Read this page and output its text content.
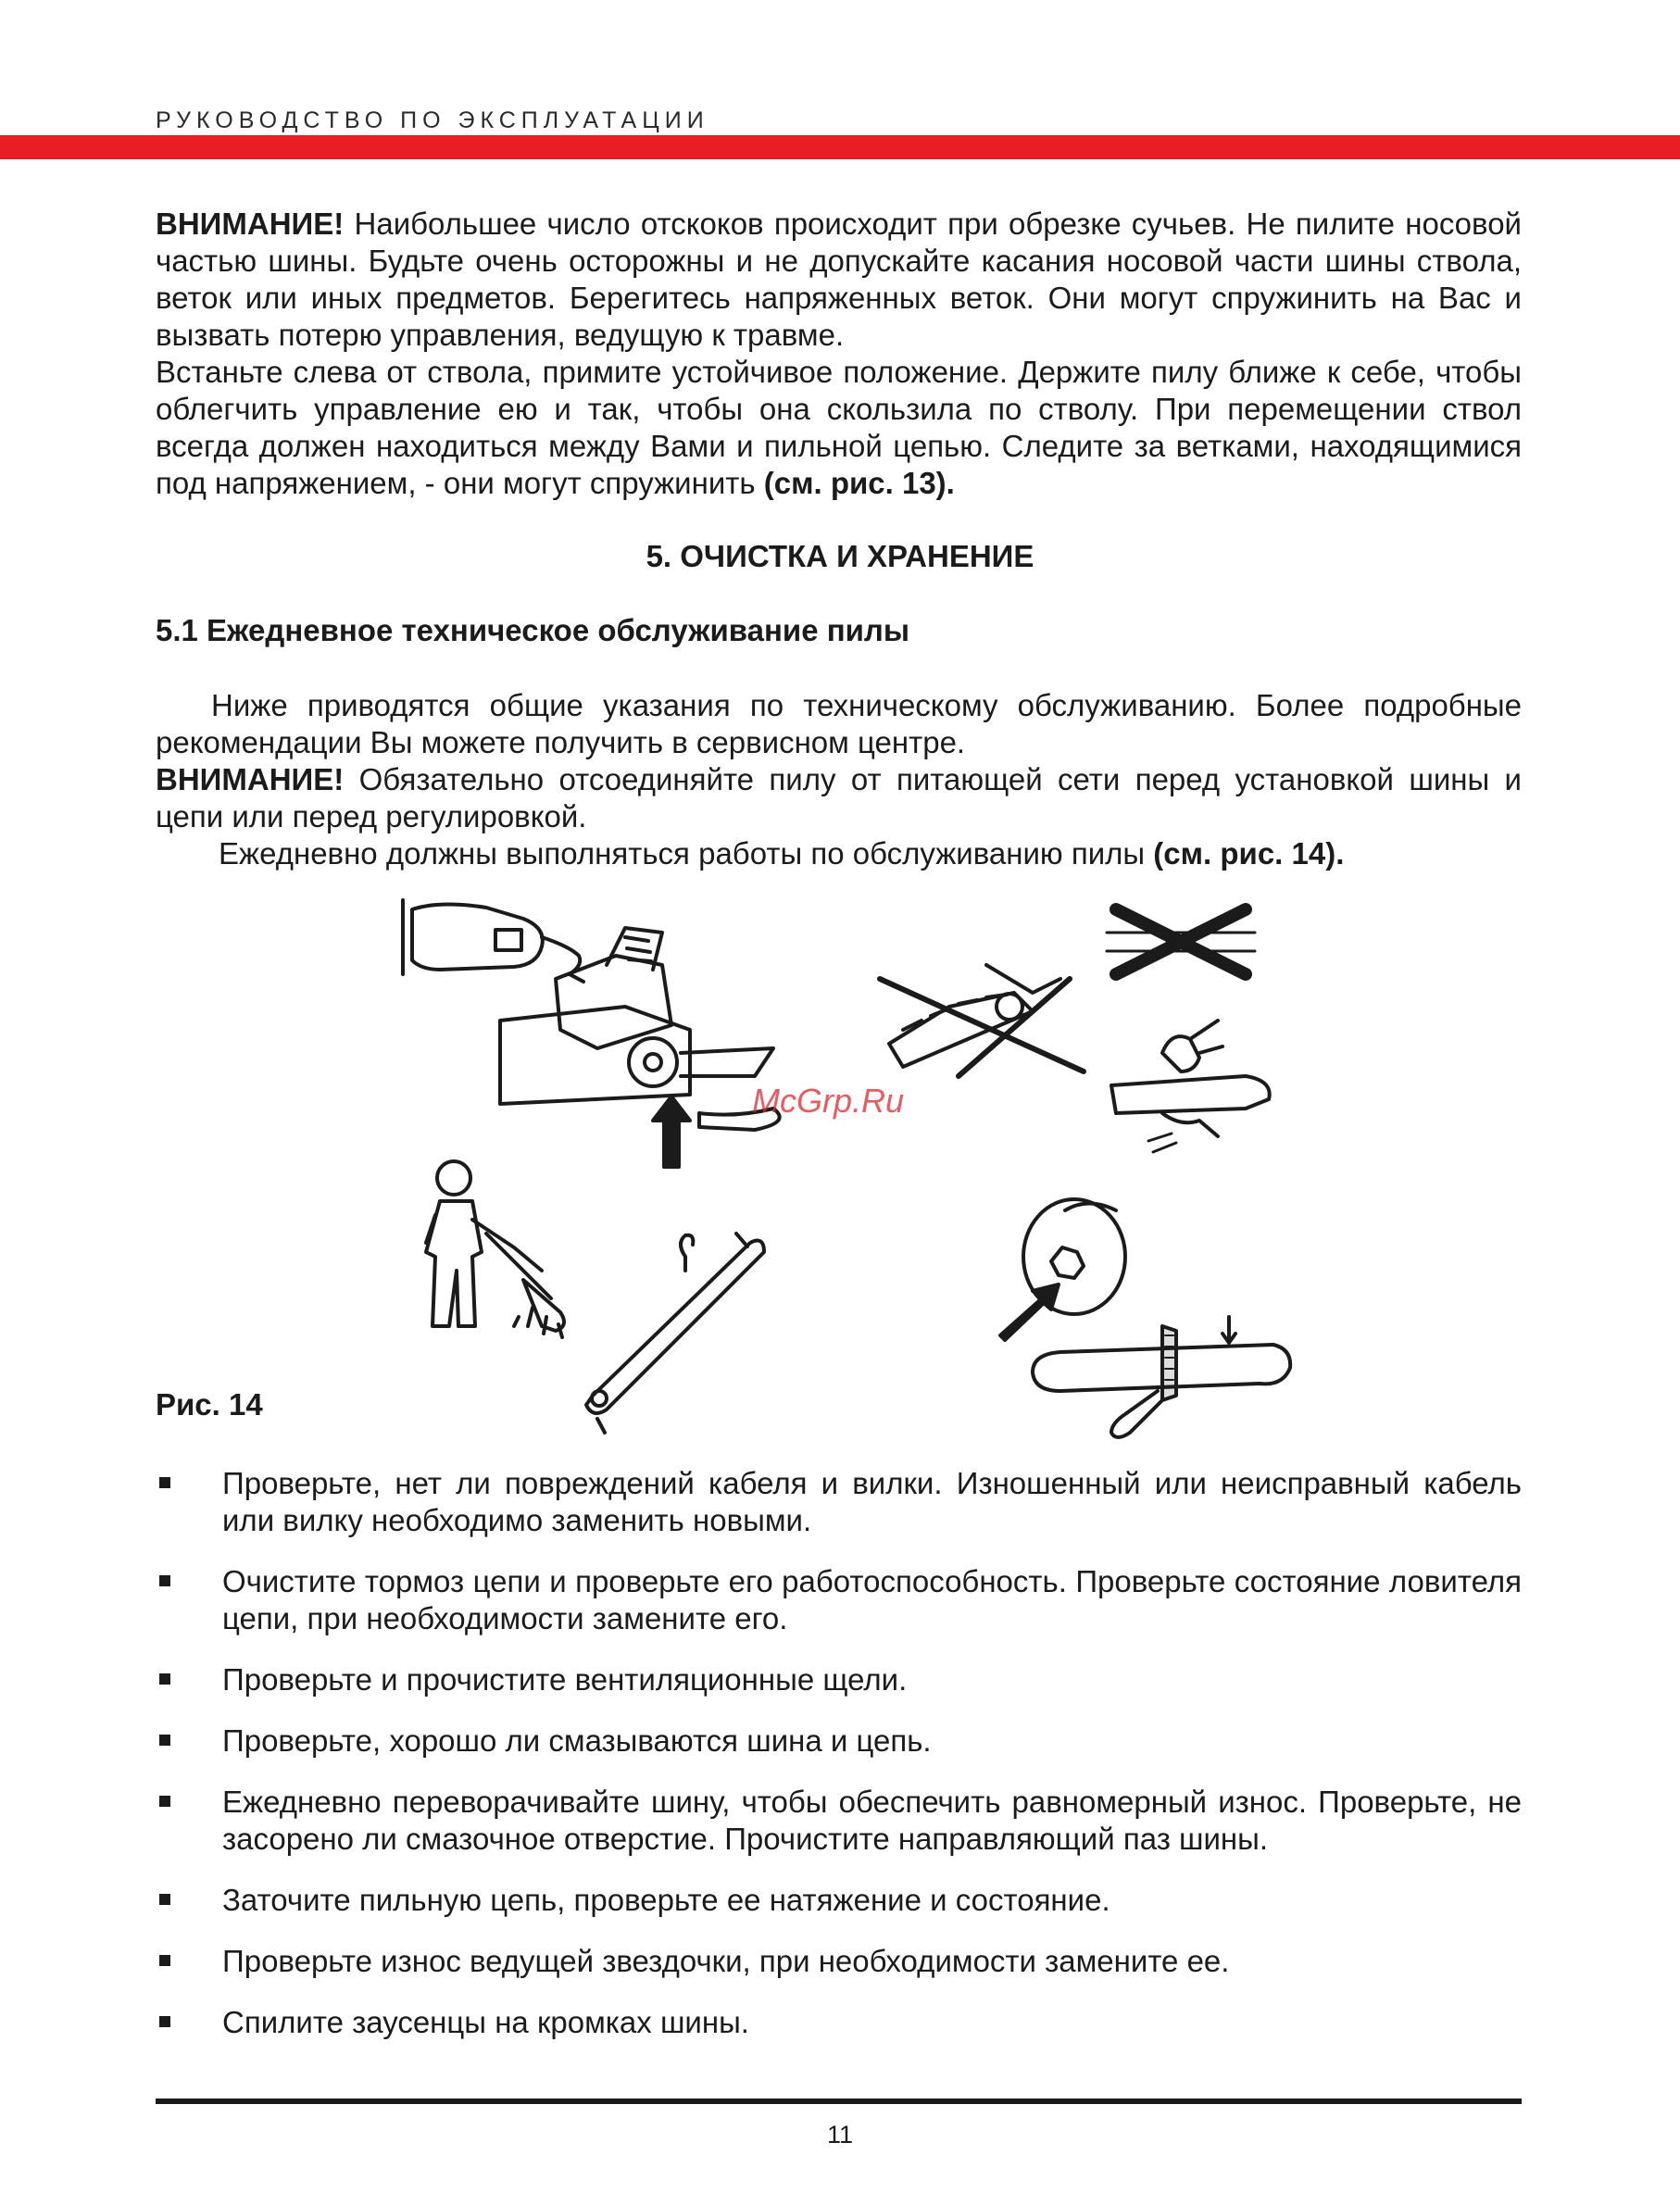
РУКОВОДСТВО ПО ЭКСПЛУАТАЦИИ

ВНИМАНИЕ! Наибольшее число отскоков происходит при обрезке сучьев. Не пилите носовой частью шины. Будьте очень осторожны и не допускайте касания носовой части шины ствола, веток или иных предметов. Берегитесь напряженных веток. Они могут спружинить на Вас и вызвать потерю управления, ведущую к травме.

Встаньте слева от ствола, примите устойчивое положение. Держите пилу ближе к себе, чтобы облегчить управление ею и так, чтобы она скользила по стволу. При перемещении ствол всегда должен находиться между Вами и пильной цепью. Следите за ветками, находящимися под напряжением, - они могут спружинить (см. рис. 13).

5. ОЧИСТКА И ХРАНЕНИЕ
5.1 Ежедневное техническое обслуживание пилы

Ниже приводятся общие указания по техническому обслуживанию. Более подробные рекомендации Вы можете получить в сервисном центре.

ВНИМАНИЕ! Обязательно отсоединяйте пилу от питающей сети перед установкой шины и цепи или перед регулировкой.

Ежедневно должны выполняться работы по обслуживанию пилы (см. рис. 14).

McGrp.Ru
Рис. 14
Проверьте, нет ли повреждений кабеля и вилки. Изношенный или неисправный кабель или вилку необходимо заменить новыми.
Очистите тормоз цепи и проверьте его работоспособность. Проверьте состояние ловителя цепи, при необходимости замените его.
Проверьте и прочистите вентиляционные щели.
Проверьте, хорошо ли смазываются шина и цепь.
Ежедневно переворачивайте шину, чтобы обеспечить равномерный износ. Проверьте, не засорено ли смазочное отверстие. Прочистите направляющий паз шины.
Заточите пильную цепь, проверьте ее натяжение и состояние.
Проверьте износ ведущей звездочки, при необходимости замените ее.
Спилите заусенцы на кромках шины.
11
